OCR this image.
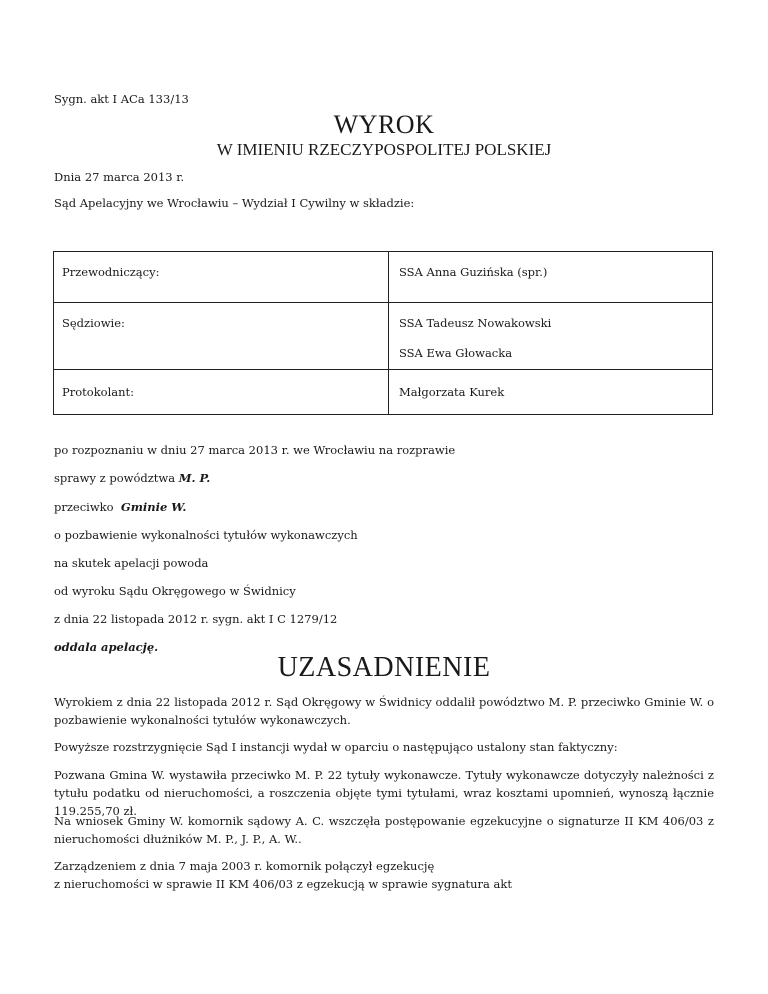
Sygn. akt I ACa 133/13
WYROK
W IMIENIU RZECZYPOSPOLITEJ POLSKIEJ
Dnia 27 marca 2013 r.
Sąd Apelacyjny we Wrocławiu – Wydział I Cywilny w składzie:
Przewodniczący:	SSA Anna Guzińska (spr.)

Sędziowie:	SSA Tadeusz Nowakowski
SSA Ewa Głowacka

Protokolant:	Małgorzata Kurek
po rozpoznaniu w dniu 27 marca 2013 r. we Wrocławiu na rozprawie
sprawy z powództwa M. P.
przeciwko  Gminie W.
o pozbawienie wykonalności tytułów wykonawczych
na skutek apelacji powoda
od wyroku Sądu Okręgowego w Świdnicy
z dnia 22 listopada 2012 r. sygn. akt I C 1279/12
oddala apelację.
UZASADNIENIE
Wyrokiem z dnia 22 listopada 2012 r. Sąd Okręgowy w Świdnicy oddalił powództwo M. P. przeciwko Gminie W. o pozbawienie wykonalności tytułów wykonawczych.
Powyższe rozstrzygnięcie Sąd I instancji wydał w oparciu o następująco ustalony stan faktyczny:
Pozwana Gmina W. wystawiła przeciwko M. P. 22 tytuły wykonawcze. Tytuły wykonawcze dotyczyły należności z tytułu podatku od nieruchomości, a roszczenia objęte tymi tytułami, wraz kosztami upomnień, wynoszą łącznie 119.255,70 zł.
Na wniosek Gminy W. komornik sądowy A. C. wszczęła postępowanie egzekucyjne o signaturze II KM 406/03 z nieruchomości dłużników M. P., J. P., A. W..
Zarządzeniem z dnia 7 maja 2003 r. komornik połączył egzekucję
z nieruchomości w sprawie II KM 406/03 z egzekucją w sprawie sygnatura akt
